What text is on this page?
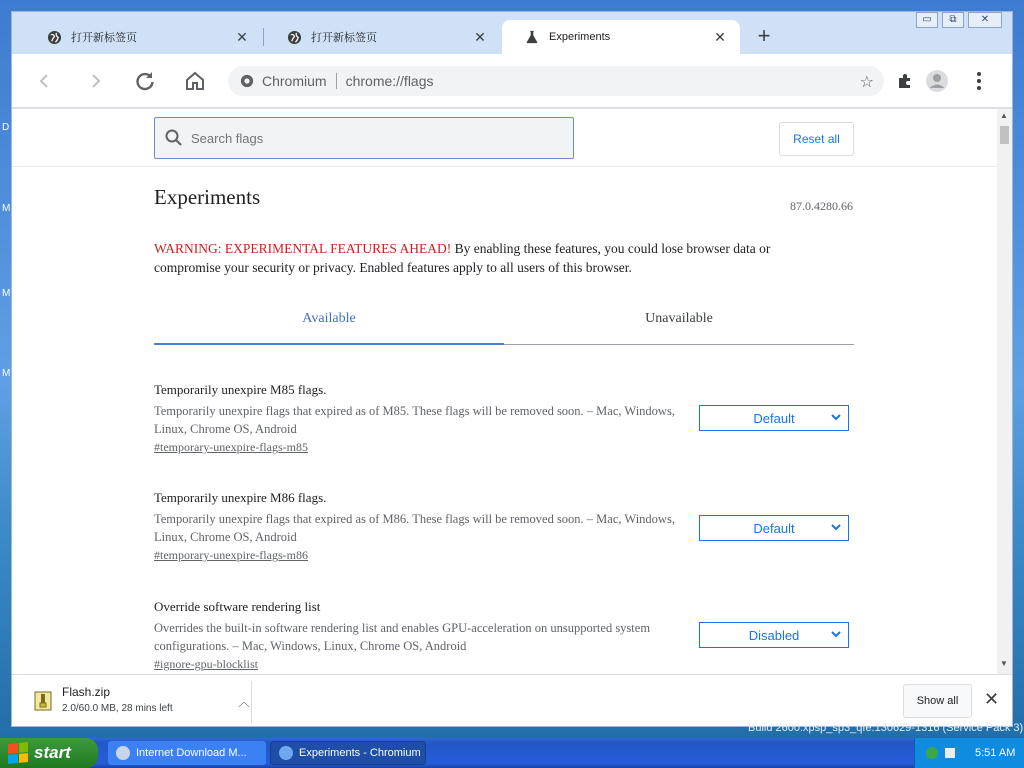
D
M
M
M
打开新标签页	✕	打开新标签页	✕	Experiments	✕ +
▭	⧉	✕
Chromium chrome://flags	☆
Search flags
Reset all
Experiments	87.0.4280.66
WARNING: EXPERIMENTAL FEATURES AHEAD! By enabling these features, you could lose browser data or compromise your security or privacy. Enabled features apply to all users of this browser.
Available	Unavailable
Temporarily unexpire M85 flags.
Temporarily unexpire flags that expired as of M85. These flags will be removed soon. – Mac, Windows, Linux, Chrome OS, Android
#temporary-unexpire-flags-m85
Default
Temporarily unexpire M86 flags.
Temporarily unexpire flags that expired as of M86. These flags will be removed soon. – Mac, Windows, Linux, Chrome OS, Android
#temporary-unexpire-flags-m86
Default
Override software rendering list
Overrides the built-in software rendering list and enables GPU-acceleration on unsupported system configurations. – Mac, Windows, Linux, Chrome OS, Android
#ignore-gpu-blocklist
Disabled
▲
▼
Flash.zip
2.0/60.0 MB, 28 mins left	︿	Show all	✕
Build 2600.xpsp_sp3_qfe.130629-1316 (Service Pack 3)
start	Internet Download M...	Experiments - Chromium	5:51 AM
